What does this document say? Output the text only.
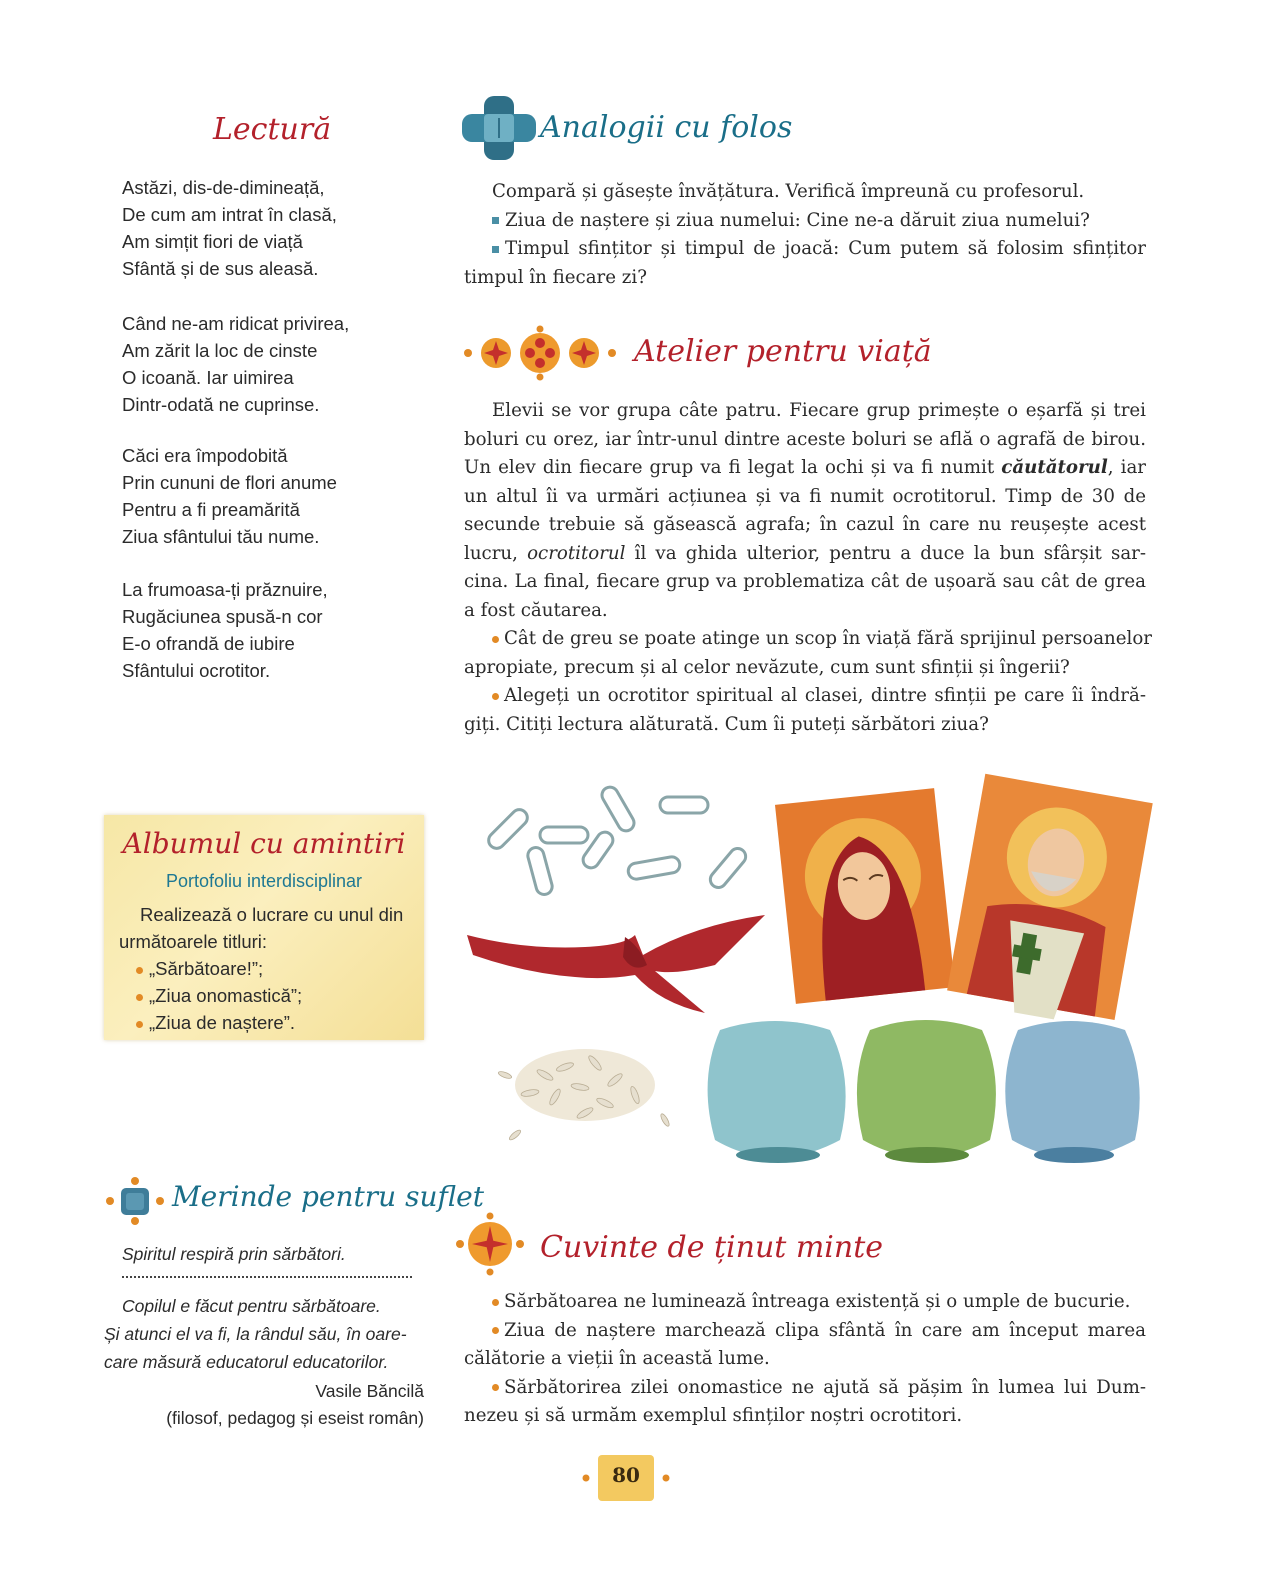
Lectură
Astăzi, dis-de-dimineață,
De cum am intrat în clasă,
Am simțit fiori de viață
Sfântă și de sus aleasă.
Când ne-am ridicat privirea,
Am zărit la loc de cinste
O icoană. Iar uimirea
Dintr-odată ne cuprinse.
Căci era împodobită
Prin cununi de flori anume
Pentru a fi preamărită
Ziua sfântului tău nume.
La frumoasa-ți prăznuire,
Rugăciunea spusă-n cor
E-o ofrandă de iubire
Sfântului ocrotitor.
Albumul cu amintiri
Portofoliu interdisciplinar
Realizează o lucrare cu unul din
următoarele titluri:
„Sărbătoare!”;
„Ziua onomastică”;
„Ziua de naștere”.
Merinde pentru suflet
Spiritul respiră prin sărbători.
Copilul e făcut pentru sărbătoare.
Și atunci el va fi, la rândul său, în oare-
care măsură educatorul educatorilor.
Vasile Băncilă
(filosof, pedagog și eseist român)
Analogii cu folos
Compară și găsește învățătura. Verifică împreună cu profesorul.
Ziua de naștere și ziua numelui: Cine ne-a dăruit ziua numelui?
Timpul sfințitor și timpul de joacă: Cum putem să folosim sfințitor
timpul în fiecare zi?
Atelier pentru viață
Elevii se vor grupa câte patru. Fiecare grup primește o eșarfă și trei
boluri cu orez, iar într-unul dintre aceste boluri se află o agrafă de birou.
Un elev din fiecare grup va fi legat la ochi și va fi numit căutătorul, iar
un altul îi va urmări acțiunea și va fi numit ocrotitorul. Timp de 30 de
secunde trebuie să găsească agrafa; în cazul în care nu reușește acest
lucru, ocrotitorul îl va ghida ulterior, pentru a duce la bun sfârșit sar-
cina. La final, fiecare grup va problematiza cât de ușoară sau cât de grea
a fost căutarea.
Cât de greu se poate atinge un scop în viață fără sprijinul persoanelor
apropiate, precum și al celor nevăzute, cum sunt sfinții și îngerii?
Alegeți un ocrotitor spiritual al clasei, dintre sfinții pe care îi îndră-
giți. Citiți lectura alăturată. Cum îi puteți sărbători ziua?
Cuvinte de ținut minte
Sărbătoarea ne luminează întreaga existență și o umple de bucurie.
Ziua de naștere marchează clipa sfântă în care am început marea
călătorie a vieții în această lume.
Sărbătorirea zilei onomastice ne ajută să pășim în lumea lui Dum-
nezeu și să urmăm exemplul sfinților noștri ocrotitori.
80
